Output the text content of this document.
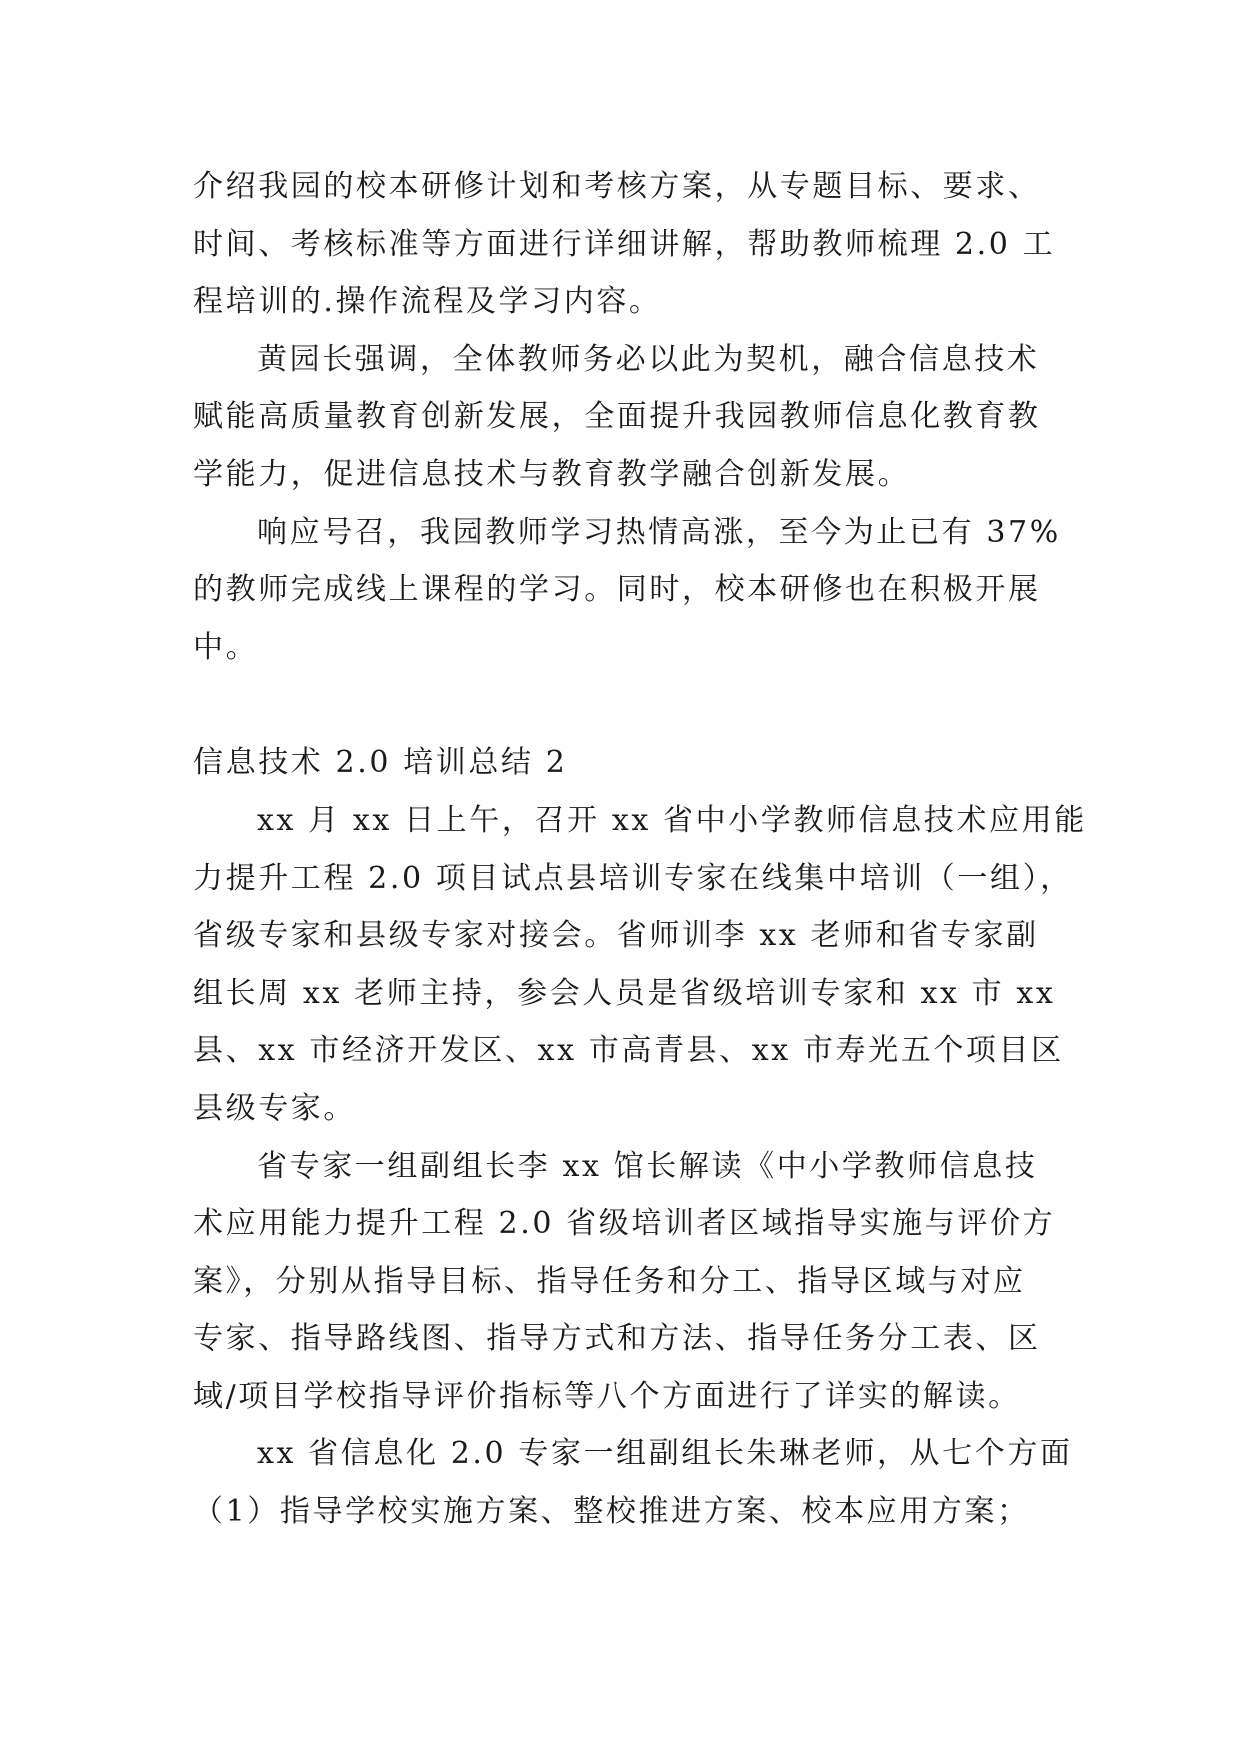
介绍我园的校本研修计划和考核方案，从专题目标、要求、
时间、考核标准等方面进行详细讲解，帮助教师梳理 2.0 工
程培训的.操作流程及学习内容。

黄园长强调，全体教师务必以此为契机，融合信息技术
赋能高质量教育创新发展，全面提升我园教师信息化教育教
学能力，促进信息技术与教育教学融合创新发展。

响应号召，我园教师学习热情高涨，至今为止已有 37%
的教师完成线上课程的学习。同时，校本研修也在积极开展
中。

信息技术 2.0 培训总结 2

xx 月 xx 日上午，召开 xx 省中小学教师信息技术应用能
力提升工程 2.0 项目试点县培训专家在线集中培训（一组），
省级专家和县级专家对接会。省师训李 xx 老师和省专家副
组长周 xx 老师主持，参会人员是省级培训专家和 xx 市 xx
县、xx 市经济开发区、xx 市高青县、xx 市寿光五个项目区
县级专家。

省专家一组副组长李 xx 馆长解读《中小学教师信息技
术应用能力提升工程 2.0 省级培训者区域指导实施与评价方
案》，分别从指导目标、指导任务和分工、指导区域与对应
专家、指导路线图、指导方式和方法、指导任务分工表、区
域/项目学校指导评价指标等八个方面进行了详实的解读。

xx 省信息化 2.0 专家一组副组长朱琳老师，从七个方面
（1）指导学校实施方案、整校推进方案、校本应用方案；
